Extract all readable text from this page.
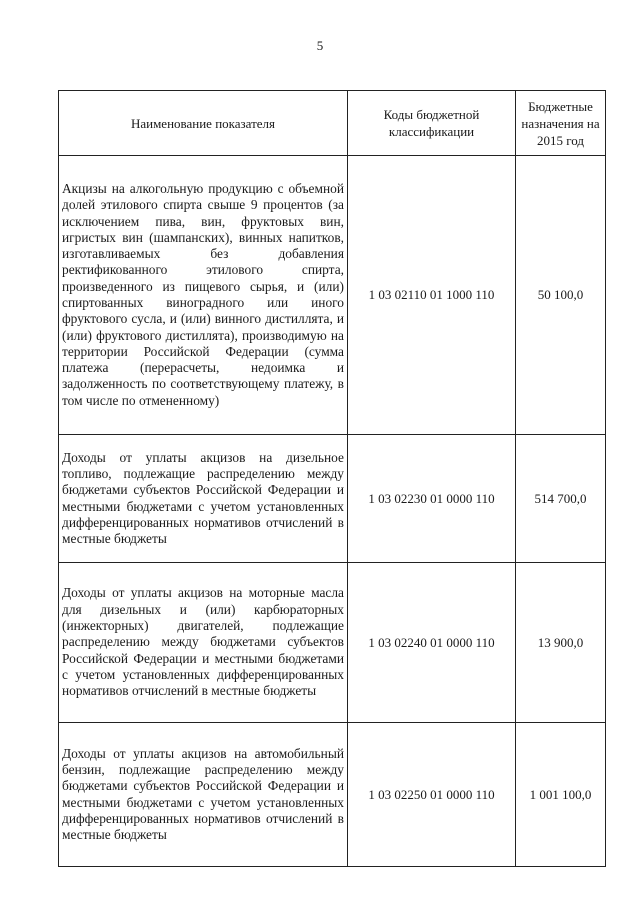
5
Наименование показателя	Коды бюджетной классификации	Бюджетные назначения на 2015 год
Акцизы на алкогольную продукцию с объемной долей этилового спирта свыше 9 процентов (за исключением пива, вин, фруктовых вин, игристых вин (шампанских), винных напитков, изготавливаемых без добавления ректификованного этилового спирта, произведенного из пищевого сырья, и (или) спиртованных виноградного или иного фруктового сусла, и (или) винного дистиллята, и (или) фруктового дистиллята), производимую на территории Российской Федерации (сумма платежа (перерасчеты, недоимка и задолженность по соответствующему платежу, в том числе по отмененному)	1 03 02110 01 1000 110	50 100,0
Доходы от уплаты акцизов на дизельное топливо, подлежащие распределению между бюджетами субъектов Российской Федерации и местными бюджетами с учетом установленных дифференцированных нормативов отчислений в местные бюджеты	1 03 02230 01 0000 110	514 700,0
Доходы от уплаты акцизов на моторные масла для дизельных и (или) карбюраторных (инжекторных) двигателей, подлежащие распределению между бюджетами субъектов Российской Федерации и местными бюджетами с учетом установленных дифференцированных нормативов отчислений в местные бюджеты	1 03 02240 01 0000 110	13 900,0
Доходы от уплаты акцизов на автомобильный бензин, подлежащие распределению между бюджетами субъектов Российской Федерации и местными бюджетами с учетом установленных дифференцированных нормативов отчислений в местные бюджеты	1 03 02250 01 0000 110	1 001 100,0
